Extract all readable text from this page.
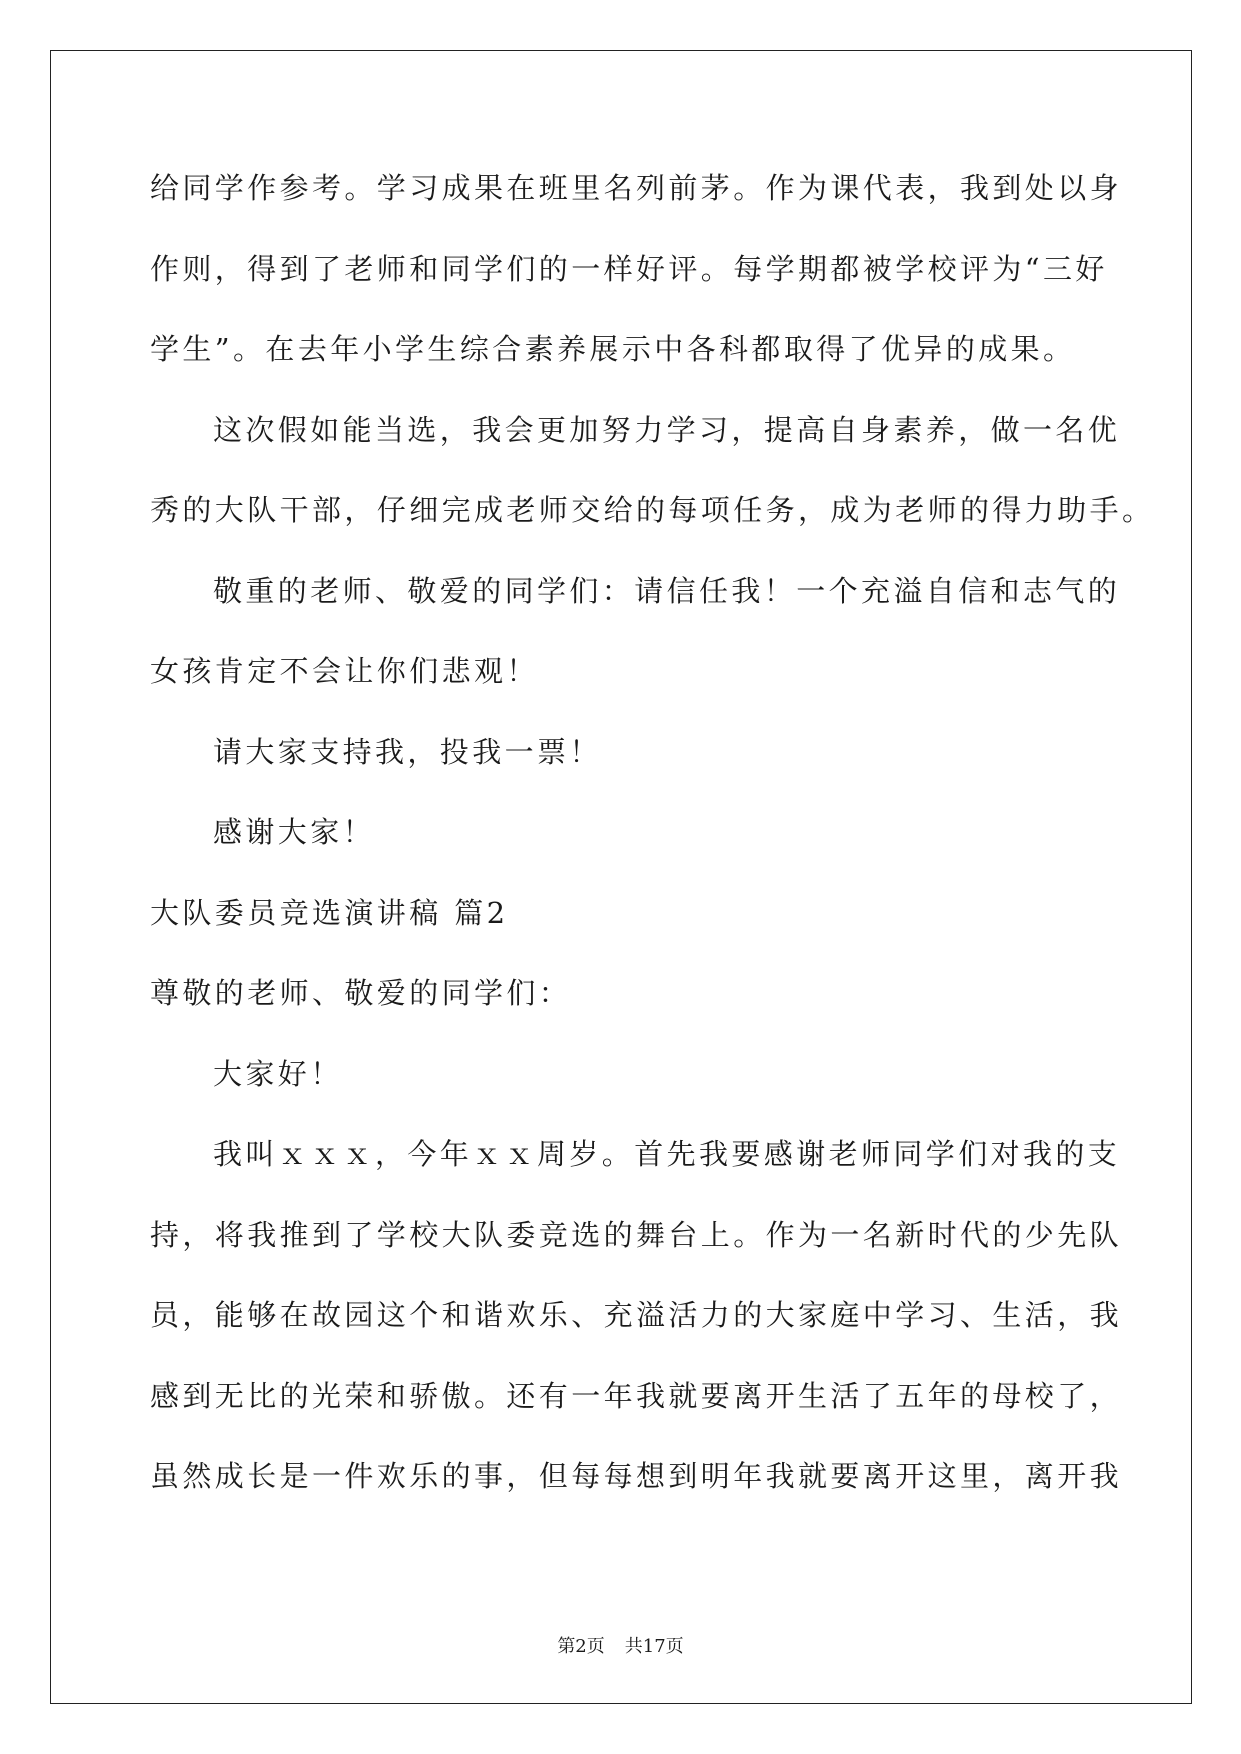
给同学作参考。学习成果在班里名列前茅。作为课代表，我到处以身
作则，得到了老师和同学们的一样好评。每学期都被学校评为“三好
学生”。在去年小学生综合素养展示中各科都取得了优异的成果。
这次假如能当选，我会更加努力学习，提高自身素养，做一名优
秀的大队干部，仔细完成老师交给的每项任务，成为老师的得力助手。
敬重的老师、敬爱的同学们：请信任我！一个充溢自信和志气的
女孩肯定不会让你们悲观！
请大家支持我，投我一票！
感谢大家！
大队委员竞选演讲稿 篇2
尊敬的老师、敬爱的同学们：
大家好！
我叫ｘｘｘ，今年ｘｘ周岁。首先我要感谢老师同学们对我的支
持，将我推到了学校大队委竞选的舞台上。作为一名新时代的少先队
员，能够在故园这个和谐欢乐、充溢活力的大家庭中学习、生活，我
感到无比的光荣和骄傲。还有一年我就要离开生活了五年的母校了，
虽然成长是一件欢乐的事，但每每想到明年我就要离开这里，离开我
第2页 共17页
